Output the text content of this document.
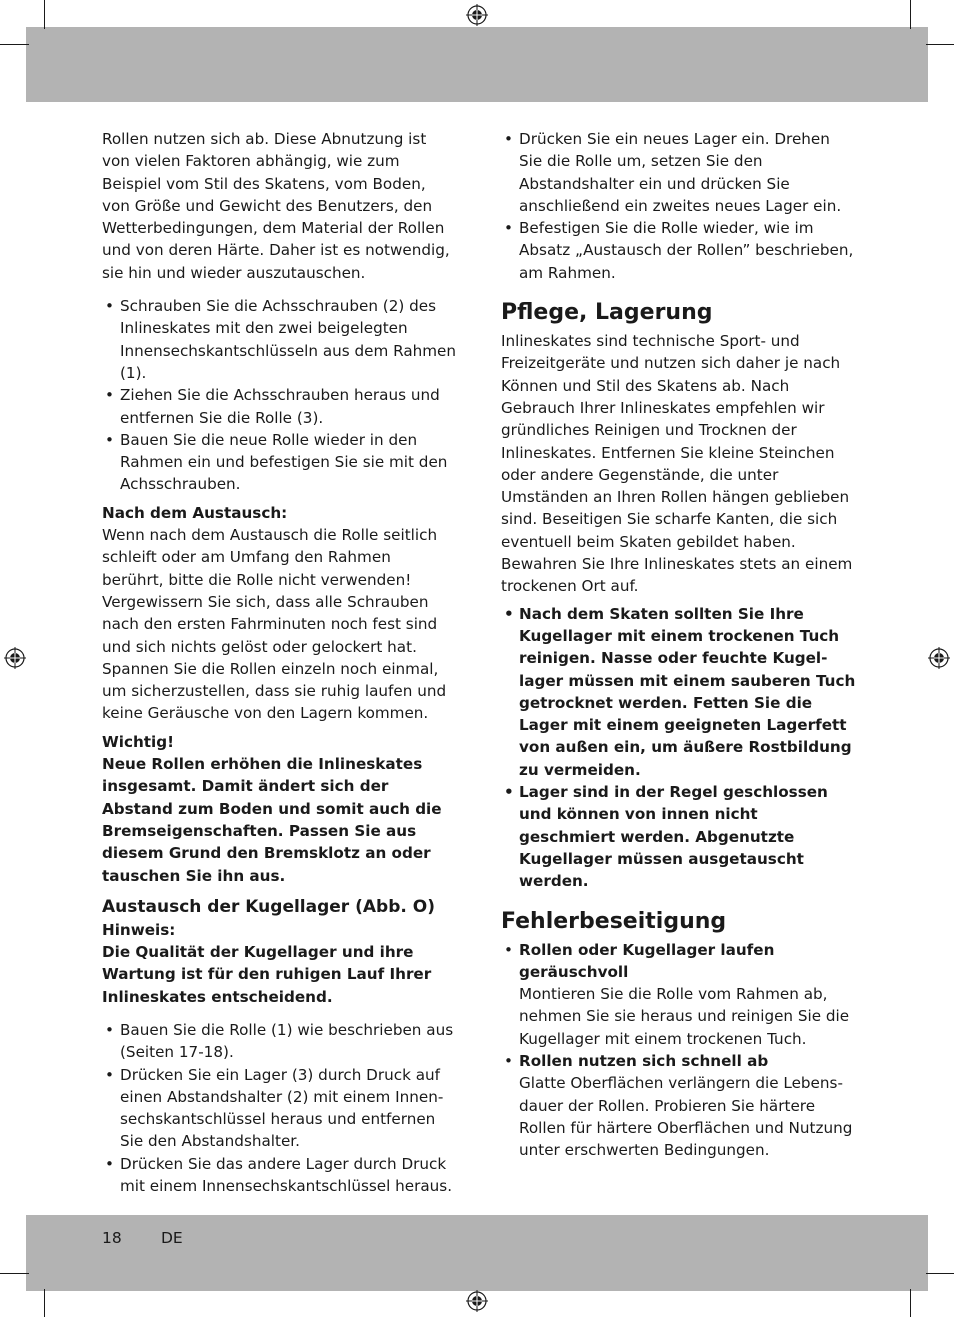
18	DE

Rollen nutzen sich ab. Diese Abnutzung ist von vielen Faktoren abhängig, wie zum Beispiel vom Stil des Skatens, vom Boden, von Größe und Gewicht des Benutzers, den Wetterbedingungen, dem Material der Rollen und von deren Härte. Daher ist es notwendig, sie hin und wieder auszutauschen.

• Schrauben Sie die Achsschrauben (2) des Inlineskates mit den zwei beigelegten Innensechskantschlüsseln aus dem Rahmen (1).
• Ziehen Sie die Achsschrauben heraus und entfernen Sie die Rolle (3).
• Bauen Sie die neue Rolle wieder in den Rahmen ein und befestigen Sie sie mit den Achsschrauben.

Nach dem Austausch:

Wenn nach dem Austausch die Rolle seitlich schleift oder am Umfang den Rahmen berührt, bitte die Rolle nicht verwenden! Vergewissern Sie sich, dass alle Schrauben nach den ersten Fahrminuten noch fest sind und sich nichts gelöst oder gelockert hat.

Spannen Sie die Rollen einzeln noch einmal, um sicherzustellen, dass sie ruhig laufen und keine Geräusche von den Lagern kommen.

Wichtig!

Neue Rollen erhöhen die Inlineskates insgesamt. Damit ändert sich der Abstand zum Boden und somit auch die Bremseigenschaften. Passen Sie aus diesem Grund den Bremsklotz an oder tauschen Sie ihn aus.

Austausch der Kugellager (Abb. O)

Hinweis:

Die Qualität der Kugellager und ihre Wartung ist für den ruhigen Lauf Ihrer Inlineskates entscheidend.

• Bauen Sie die Rolle (1) wie beschrieben aus (Seiten 17-18).
• Drücken Sie ein Lager (3) durch Druck auf einen Abstandshalter (2) mit einem Innensechskantschlüssel heraus und entfernen Sie den Abstandshalter.
• Drücken Sie das andere Lager durch Druck mit einem Innensechskantschlüssel heraus.
• Drücken Sie ein neues Lager ein. Drehen Sie die Rolle um, setzen Sie den Abstandshalter ein und drücken Sie anschließend ein zweites neues Lager ein.
• Befestigen Sie die Rolle wieder, wie im Absatz „Austausch der Rollen” beschrieben, am Rahmen.
Pflege, Lagerung

Inlineskates sind technische Sport- und Freizeitgeräte und nutzen sich daher je nach Können und Stil des Skatens ab. Nach Gebrauch Ihrer Inlineskates empfehlen wir gründliches Reinigen und Trocknen der Inlineskates. Entfernen Sie kleine Steinchen oder andere Gegenstände, die unter Umständen an Ihren Rollen hängen geblieben sind. Beseitigen Sie scharfe Kanten, die sich eventuell beim Skaten gebildet haben. Bewahren Sie Ihre Inlineskates stets an einem trockenen Ort auf.

• Nach dem Skaten sollten Sie Ihre Kugellager mit einem trockenen Tuch reinigen. Nasse oder feuchte Kugellager müssen mit einem sauberen Tuch getrocknet werden. Fetten Sie die Lager mit einem geeigneten Lagerfett von außen ein, um äußere Rostbildung zu vermeiden.
• Lager sind in der Regel geschlossen und können von innen nicht geschmiert werden. Abgenutzte Kugellager müssen ausgetauscht werden.
Fehlerbeseitigung
• Rollen oder Kugellager laufen geräuschvoll
Montieren Sie die Rolle vom Rahmen ab, nehmen Sie sie heraus und reinigen Sie die Kugellager mit einem trockenen Tuch.
• Rollen nutzen sich schnell ab
Glatte Oberflächen verlängern die Lebensdauer der Rollen. Probieren Sie härtere Rollen für härtere Oberflächen und Nutzung unter erschwerten Bedingungen.
